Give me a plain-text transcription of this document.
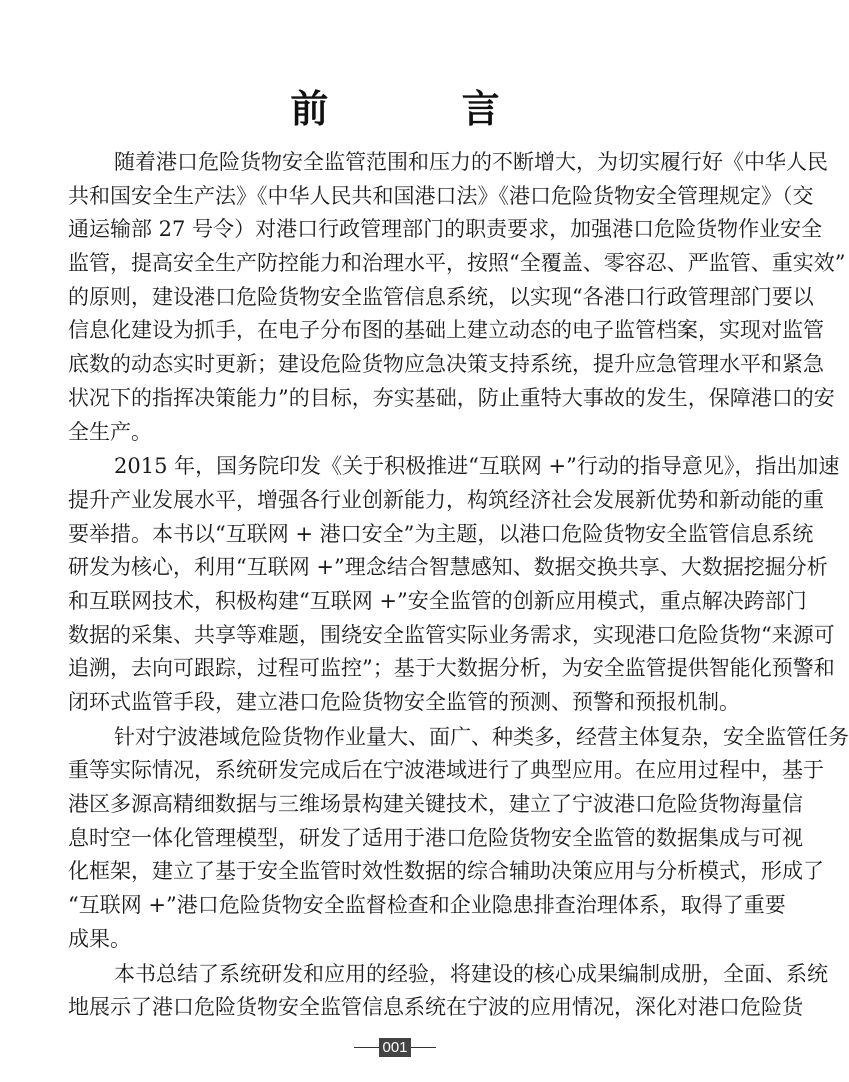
前 言
随着港口危险货物安全监管范围和压力的不断增大，为切实履行好《中华人民
共和国安全生产法》《中华人民共和国港口法》《港口危险货物安全管理规定》（交
通运输部 27 号令）对港口行政管理部门的职责要求，加强港口危险货物作业安全
监管，提高安全生产防控能力和治理水平，按照“全覆盖、零容忍、严监管、重实效”
的原则，建设港口危险货物安全监管信息系统，以实现“各港口行政管理部门要以
信息化建设为抓手，在电子分布图的基础上建立动态的电子监管档案，实现对监管
底数的动态实时更新；建设危险货物应急决策支持系统，提升应急管理水平和紧急
状况下的指挥决策能力”的目标，夯实基础，防止重特大事故的发生，保障港口的安
全生产。
2015 年，国务院印发《关于积极推进“互联网 +”行动的指导意见》，指出加速
提升产业发展水平，增强各行业创新能力，构筑经济社会发展新优势和新动能的重
要举措。本书以“互联网 + 港口安全”为主题，以港口危险货物安全监管信息系统
研发为核心，利用“互联网 +”理念结合智慧感知、数据交换共享、大数据挖掘分析
和互联网技术，积极构建“互联网 +”安全监管的创新应用模式，重点解决跨部门
数据的采集、共享等难题，围绕安全监管实际业务需求，实现港口危险货物“来源可
追溯，去向可跟踪，过程可监控”；基于大数据分析，为安全监管提供智能化预警和
闭环式监管手段，建立港口危险货物安全监管的预测、预警和预报机制。
针对宁波港域危险货物作业量大、面广、种类多，经营主体复杂，安全监管任务
重等实际情况，系统研发完成后在宁波港域进行了典型应用。在应用过程中，基于
港区多源高精细数据与三维场景构建关键技术，建立了宁波港口危险货物海量信
息时空一体化管理模型，研发了适用于港口危险货物安全监管的数据集成与可视
化框架，建立了基于安全监管时效性数据的综合辅助决策应用与分析模式，形成了
“互联网 +”港口危险货物安全监督检查和企业隐患排查治理体系，取得了重要
成果。
本书总结了系统研发和应用的经验，将建设的核心成果编制成册，全面、系统
地展示了港口危险货物安全监管信息系统在宁波的应用情况，深化对港口危险货
001
